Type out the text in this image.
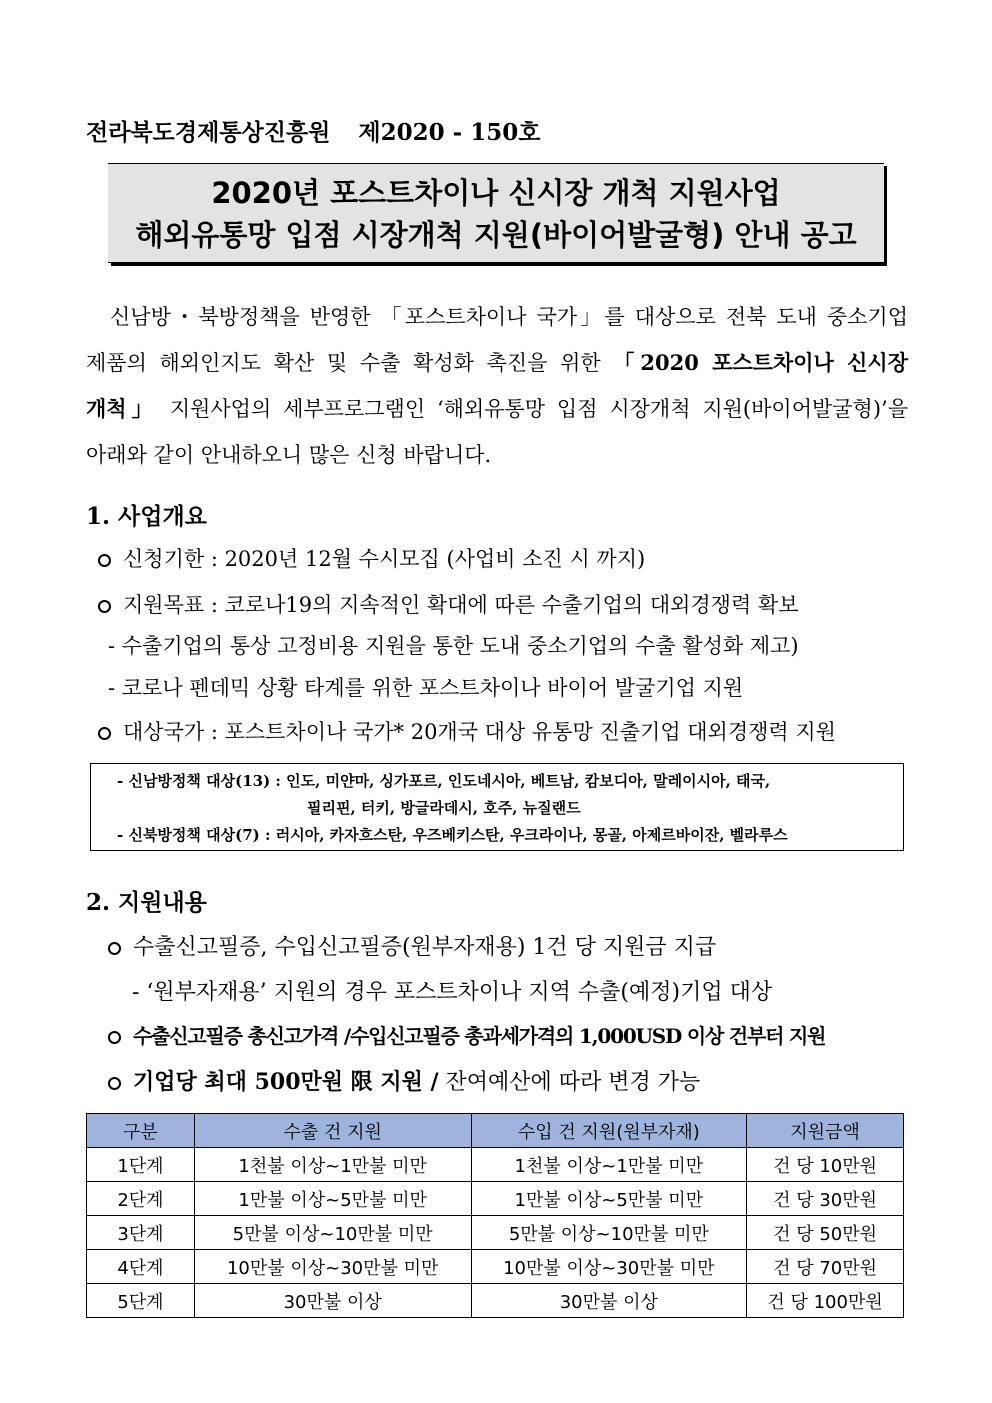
전라북도경제통상진흥원 제2020 - 150호
2020년 포스트차이나 신시장 개척 지원사업
해외유통망 입점 시장개척 지원(바이어발굴형) 안내 공고
신남방・북방정책을 반영한 「포스트차이나 국가」를 대상으로 전북 도내 중소기업
제품의 해외인지도 확산 및 수출 확성화 촉진을 위한 「2020 포스트차이나 신시장
개척」 지원사업의 세부프로그램인 ‘해외유통망 입점 시장개척 지원(바이어발굴형)’을
아래와 같이 안내하오니 많은 신청 바랍니다.
1. 사업개요
신청기한 : 2020년 12월 수시모집 (사업비 소진 시 까지)
지원목표 : 코로나19의 지속적인 확대에 따른 수출기업의 대외경쟁력 확보
- 수출기업의 통상 고정비용 지원을 통한 도내 중소기업의 수출 활성화 제고)
- 코로나 펜데믹 상황 타계를 위한 포스트차이나 바이어 발굴기업 지원
대상국가 : 포스트차이나 국가* 20개국 대상 유통망 진출기업 대외경쟁력 지원
- 신남방정책 대상(13) : 인도, 미얀마, 싱가포르, 인도네시아, 베트남, 캄보디아, 말레이시아, 태국,
필리핀, 터키, 방글라데시, 호주, 뉴질랜드
- 신북방정책 대상(7) : 러시아, 카자흐스탄, 우즈베키스탄, 우크라이나, 몽골, 아제르바이잔, 벨라루스
2. 지원내용
수출신고필증, 수입신고필증(원부자재용) 1건 당 지원금 지급
- ‘원부자재용’ 지원의 경우 포스트차이나 지역 수출(예정)기업 대상
수출신고필증 총신고가격 /수입신고필증 총과세가격의 1,000USD 이상 건부터 지원
기업당 최대 500만원 限 지원 / 잔여예산에 따라 변경 가능
구분	수출 건 지원	수입 건 지원(원부자재)	지원금액
1단계	1천불 이상~1만불 미만	1천불 이상~1만불 미만	건 당 10만원
2단계	1만불 이상~5만불 미만	1만불 이상~5만불 미만	건 당 30만원
3단계	5만불 이상~10만불 미만	5만불 이상~10만불 미만	건 당 50만원
4단계	10만불 이상~30만불 미만	10만불 이상~30만불 미만	건 당 70만원
5단계	30만불 이상	30만불 이상	건 당 100만원
